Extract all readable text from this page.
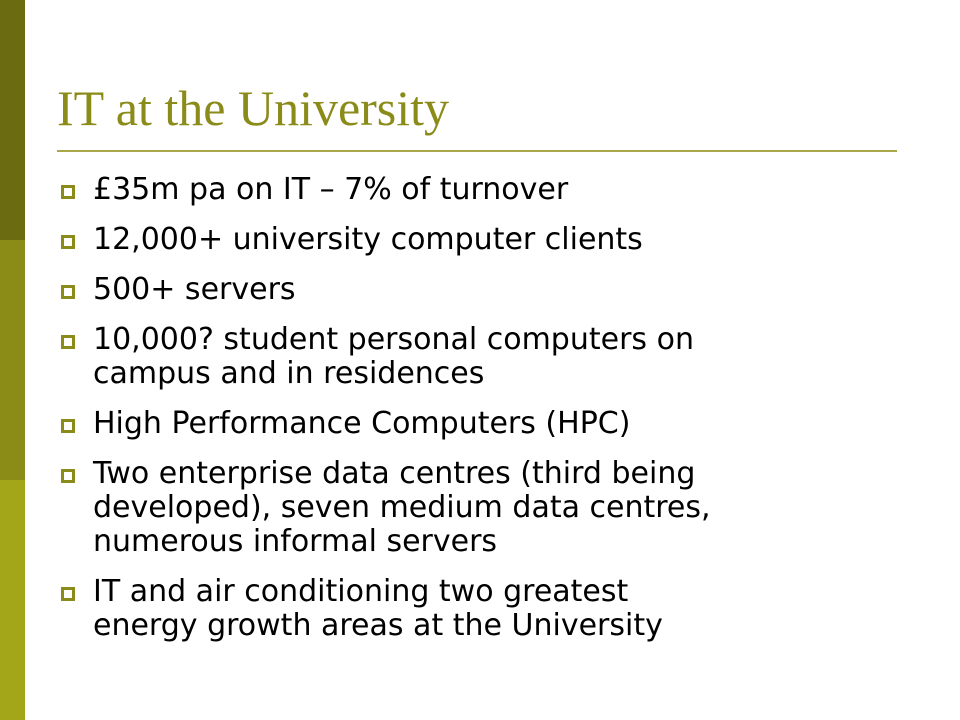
IT at the University
£35m pa on IT – 7% of turnover
12,000+ university computer clients
500+ servers
10,000? student personal computers on
campus and in residences
High Performance Computers (HPC)
Two enterprise data centres (third being
developed), seven medium data centres,
numerous informal servers
IT and air conditioning two greatest
energy growth areas at the University
